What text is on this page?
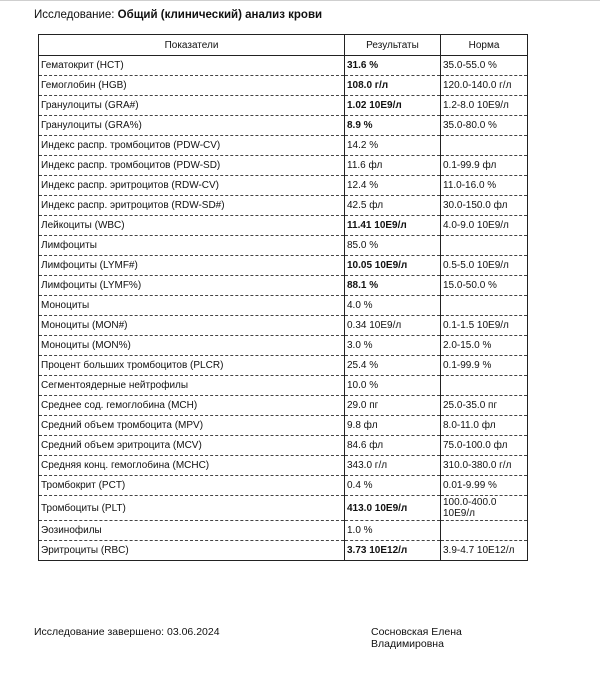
Исследование: Общий (клинический) анализ крови
Показатели	Результаты	Норма
Гематокрит (HCT)	31.6 %	35.0-55.0 %
Гемоглобин (HGB)	108.0 г/л	120.0-140.0 г/л
Гранулоциты (GRA#)	1.02 10E9/л	1.2-8.0 10E9/л
Гранулоциты (GRA%)	8.9 %	35.0-80.0 %
Индекс распр. тромбоцитов (PDW-CV)	14.2 %	
Индекс распр. тромбоцитов (PDW-SD)	11.6 фл	0.1-99.9 фл
Индекс распр. эритроцитов (RDW-CV)	12.4 %	11.0-16.0 %
Индекс распр. эритроцитов (RDW-SD#)	42.5 фл	30.0-150.0 фл
Лейкоциты (WBC)	11.41 10E9/л	4.0-9.0 10E9/л
Лимфоциты	85.0 %	
Лимфоциты (LYMF#)	10.05 10E9/л	0.5-5.0 10E9/л
Лимфоциты (LYMF%)	88.1 %	15.0-50.0 %
Моноциты	4.0 %	
Моноциты (MON#)	0.34 10E9/л	0.1-1.5 10E9/л
Моноциты (MON%)	3.0 %	2.0-15.0 %
Процент больших тромбоцитов (PLCR)	25.4 %	0.1-99.9 %
Сегментоядерные нейтрофилы	10.0 %	
Среднее сод. гемоглобина (MCH)	29.0 пг	25.0-35.0 пг
Средний объем тромбоцита (MPV)	9.8 фл	8.0-11.0 фл
Средний объем эритроцита (MCV)	84.6 фл	75.0-100.0 фл
Средняя конц. гемоглобина (MCHC)	343.0 г/л	310.0-380.0 г/л
Тромбокрит (PCT)	0.4 %	0.01-9.99 %
Тромбоциты (PLT)	413.0 10E9/л	100.0-400.0 10E9/л
Эозинофилы	1.0 %	
Эритроциты (RBC)	3.73 10E12/л	3.9-4.7 10E12/л
Исследование завершено: 03.06.2024	Сосновская Елена Владимировна
